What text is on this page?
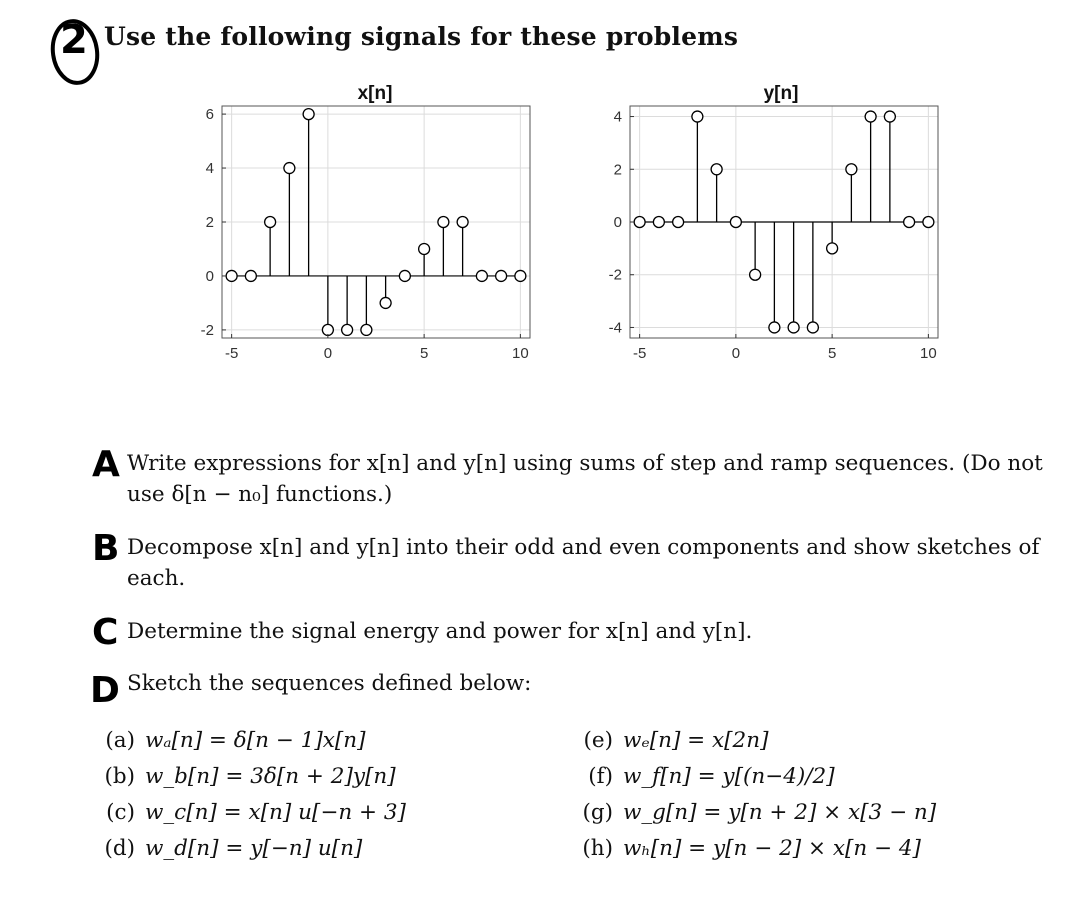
2 Use the following signals for these problems
x[n]
-5	0	5	10
6
4
2
0
-2
y[n]
-5	0	5	10
4
2
0
-2
-4
A Write expressions for x[n] and y[n] using sums of step and ramp sequences. (Do not
use δ[n − n₀] functions.)
B Decompose x[n] and y[n] into their odd and even components and show sketches of
each.
C Determine the signal energy and power for x[n] and y[n].
D Sketch the sequences defined below:
(a) wₐ[n] = δ[n − 1]x[n]
(b) w_b[n] = 3δ[n + 2]y[n]
(c) w_c[n] = x[n] u[−n + 3]
(d) w_d[n] = y[−n] u[n]
(e) wₑ[n] = x[2n]
(f) w_f[n] = y[(n−4)/2]
(g) w_g[n] = y[n + 2] × x[3 − n]
(h) wₕ[n] = y[n − 2] × x[n − 4]
